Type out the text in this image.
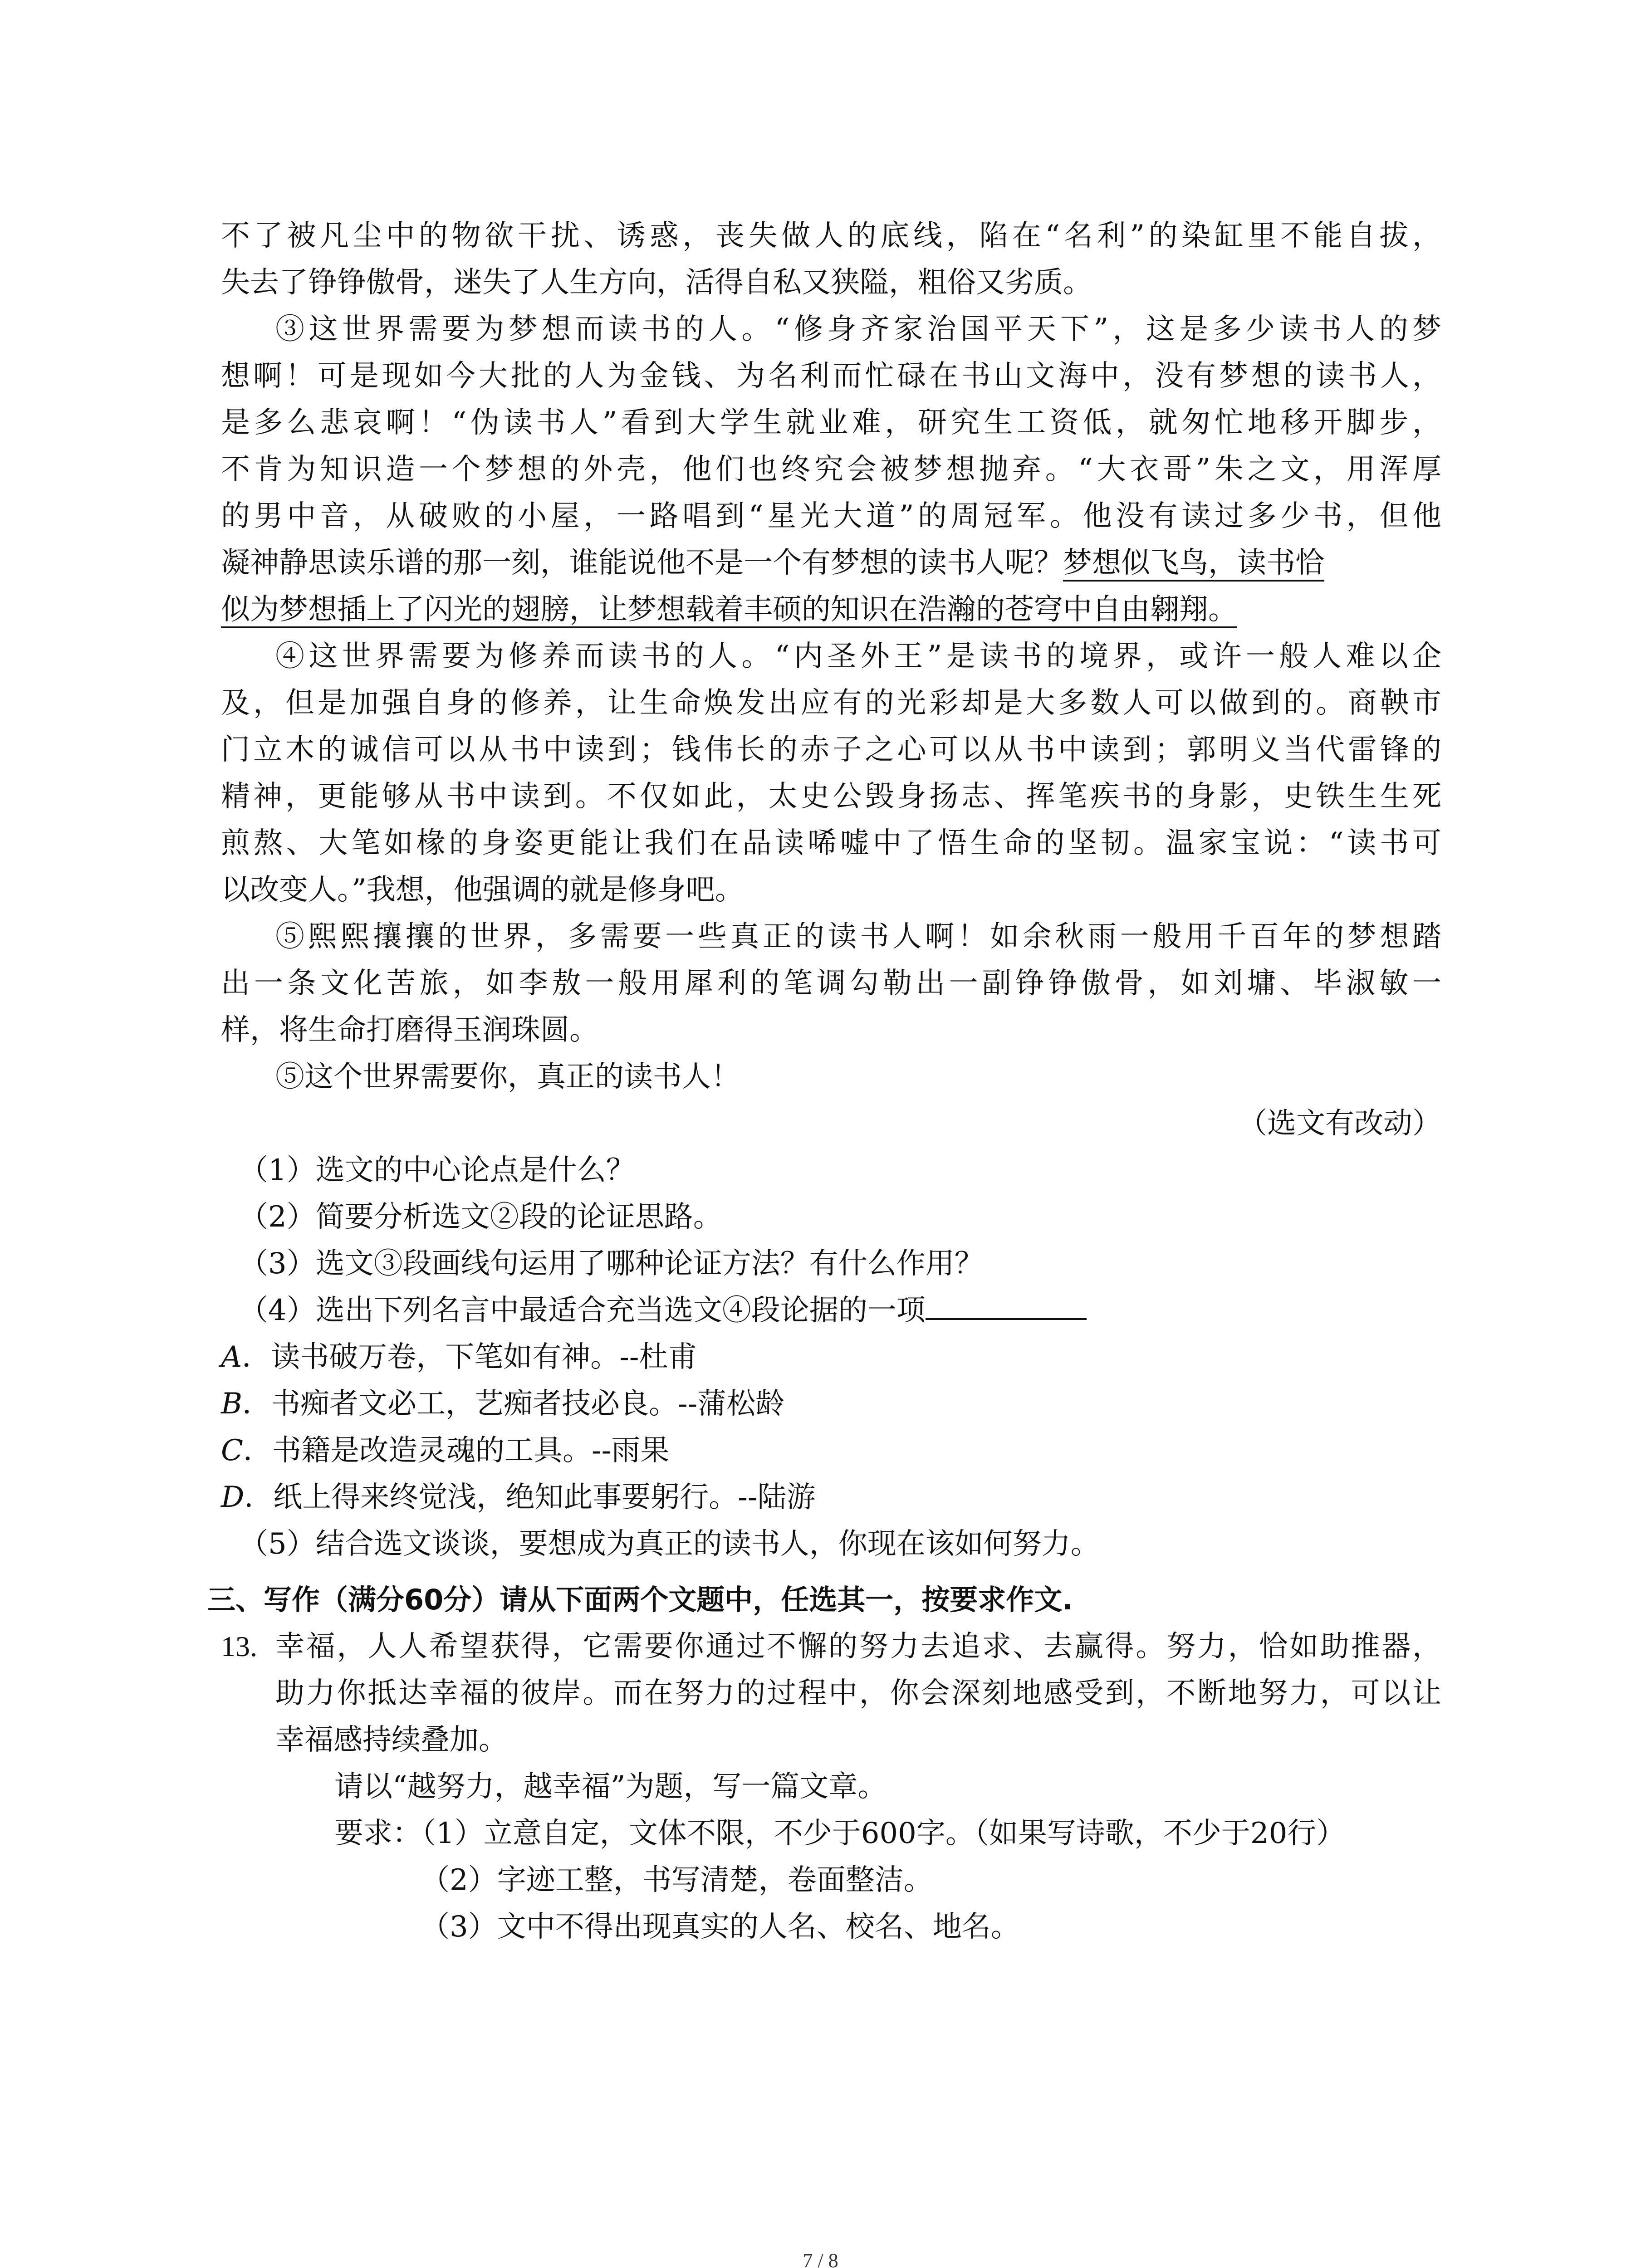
不了被凡尘中的物欲干扰、诱惑，丧失做人的底线，陷在“名利”的染缸里不能自拔，
失去了铮铮傲骨，迷失了人生方向，活得自私又狭隘，粗俗又劣质。
③这世界需要为梦想而读书的人。“修身齐家治国平天下”，这是多少读书人的梦
想啊！可是现如今大批的人为金钱、为名利而忙碌在书山文海中，没有梦想的读书人，
是多么悲哀啊！“伪读书人”看到大学生就业难，研究生工资低，就匆忙地移开脚步，
不肯为知识造一个梦想的外壳，他们也终究会被梦想抛弃。“大衣哥”朱之文，用浑厚
的男中音，从破败的小屋，一路唱到“星光大道”的周冠军。他没有读过多少书，但他
凝神静思读乐谱的那一刻，谁能说他不是一个有梦想的读书人呢？梦想似飞鸟，读书恰
似为梦想插上了闪光的翅膀，让梦想载着丰硕的知识在浩瀚的苍穹中自由翱翔。
④这世界需要为修养而读书的人。“内圣外王”是读书的境界，或许一般人难以企
及，但是加强自身的修养，让生命焕发出应有的光彩却是大多数人可以做到的。商鞅市
门立木的诚信可以从书中读到；钱伟长的赤子之心可以从书中读到；郭明义当代雷锋的
精神，更能够从书中读到。不仅如此，太史公毁身扬志、挥笔疾书的身影，史铁生生死
煎熬、大笔如椽的身姿更能让我们在品读唏嘘中了悟生命的坚韧。温家宝说：“读书可
以改变人。”我想，他强调的就是修身吧。
⑤熙熙攘攘的世界，多需要一些真正的读书人啊！如余秋雨一般用千百年的梦想踏
出一条文化苦旅，如李敖一般用犀利的笔调勾勒出一副铮铮傲骨，如刘墉、毕淑敏一
样，将生命打磨得玉润珠圆。
⑤这个世界需要你，真正的读书人！
（选文有改动）
（1）选文的中心论点是什么？
（2）简要分析选文②段的论证思路。
（3）选文③段画线句运用了哪种论证方法？有什么作用？
（4）选出下列名言中最适合充当选文④段论据的一项
A．读书破万卷，下笔如有神。--杜甫
B．书痴者文必工，艺痴者技必良。--蒲松龄
C．书籍是改造灵魂的工具。--雨果
D．纸上得来终觉浅，绝知此事要躬行。--陆游
（5）结合选文谈谈，要想成为真正的读书人，你现在该如何努力。
三、写作（满分60分）请从下面两个文题中，任选其一，按要求作文.
13. 幸福，人人希望获得，它需要你通过不懈的努力去追求、去赢得。努力，恰如助推器，
助力你抵达幸福的彼岸。而在努力的过程中，你会深刻地感受到，不断地努力，可以让
幸福感持续叠加。
请以“越努力，越幸福”为题，写一篇文章。
要求：（1）立意自定，文体不限，不少于600字。（如果写诗歌，不少于20行）
（2）字迹工整，书写清楚，卷面整洁。
（3）文中不得出现真实的人名、校名、地名。
7 / 8
